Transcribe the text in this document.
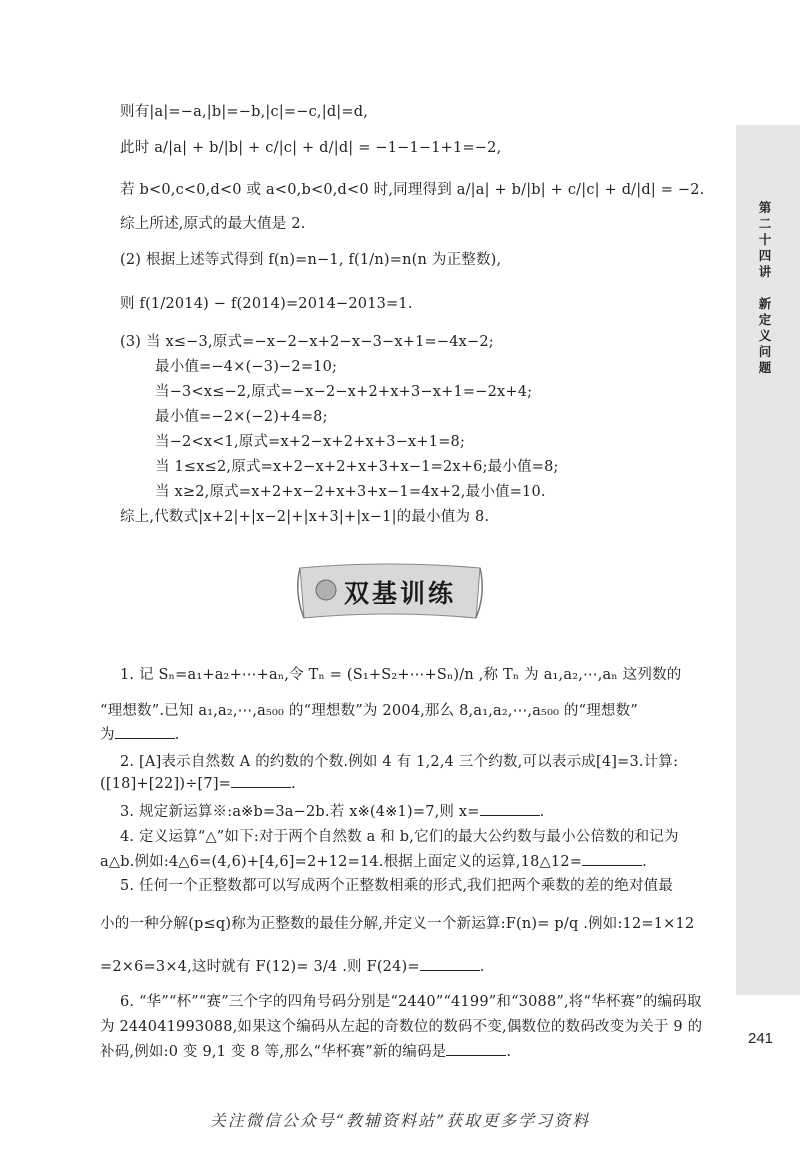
第二十四讲

新定义问题
则有|a|=−a,|b|=−b,|c|=−c,|d|=d,
此时 a/|a| + b/|b| + c/|c| + d/|d| = −1−1−1+1=−2,
若 b<0,c<0,d<0 或 a<0,b<0,d<0 时,同理得到 a/|a| + b/|b| + c/|c| + d/|d| = −2.
综上所述,原式的最大值是 2.
(2) 根据上述等式得到 f(n)=n−1, f(1/n)=n(n 为正整数),
则 f(1/2014) − f(2014)=2014−2013=1.
(3) 当 x≤−3,原式=−x−2−x+2−x−3−x+1=−4x−2;
最小值=−4×(−3)−2=10;
当−3<x≤−2,原式=−x−2−x+2+x+3−x+1=−2x+4;
最小值=−2×(−2)+4=8;
当−2<x<1,原式=x+2−x+2+x+3−x+1=8;
当 1≤x≤2,原式=x+2−x+2+x+3+x−1=2x+6;最小值=8;
当 x≥2,原式=x+2+x−2+x+3+x−1=4x+2,最小值=10.
综上,代数式|x+2|+|x−2|+|x+3|+|x−1|的最小值为 8.
双基训练
1. 记 Sₙ=a₁+a₂+⋯+aₙ,令 Tₙ = (S₁+S₂+⋯+Sₙ)/n ,称 Tₙ 为 a₁,a₂,⋯,aₙ 这列数的
“理想数”.已知 a₁,a₂,⋯,a₅₀₀ 的“理想数”为 2004,那么 8,a₁,a₂,⋯,a₅₀₀ 的“理想数”
为	.
2. [A]表示自然数 A 的约数的个数.例如 4 有 1,2,4 三个约数,可以表示成[4]=3.计算:
([18]+[22])÷[7]=	.
3. 规定新运算※:a※b=3a−2b.若 x※(4※1)=7,则 x=	.
4. 定义运算“△”如下:对于两个自然数 a 和 b,它们的最大公约数与最小公倍数的和记为
a△b.例如:4△6=(4,6)+[4,6]=2+12=14.根据上面定义的运算,18△12=	.
5. 任何一个正整数都可以写成两个正整数相乘的形式,我们把两个乘数的差的绝对值最
小的一种分解(p≤q)称为正整数的最佳分解,并定义一个新运算:F(n)= p/q .例如:12=1×12
=2×6=3×4,这时就有 F(12)= 3/4 .则 F(24)=	.
6. “华”“杯”“赛”三个字的四角号码分别是“2440”“4199”和“3088”,将“华杯赛”的编码取
为 244041993088,如果这个编码从左起的奇数位的数码不变,偶数位的数码改变为关于 9 的
补码,例如:0 变 9,1 变 8 等,那么“华杯赛”新的编码是	.
241
关注微信公众号“教辅资料站”获取更多学习资料
